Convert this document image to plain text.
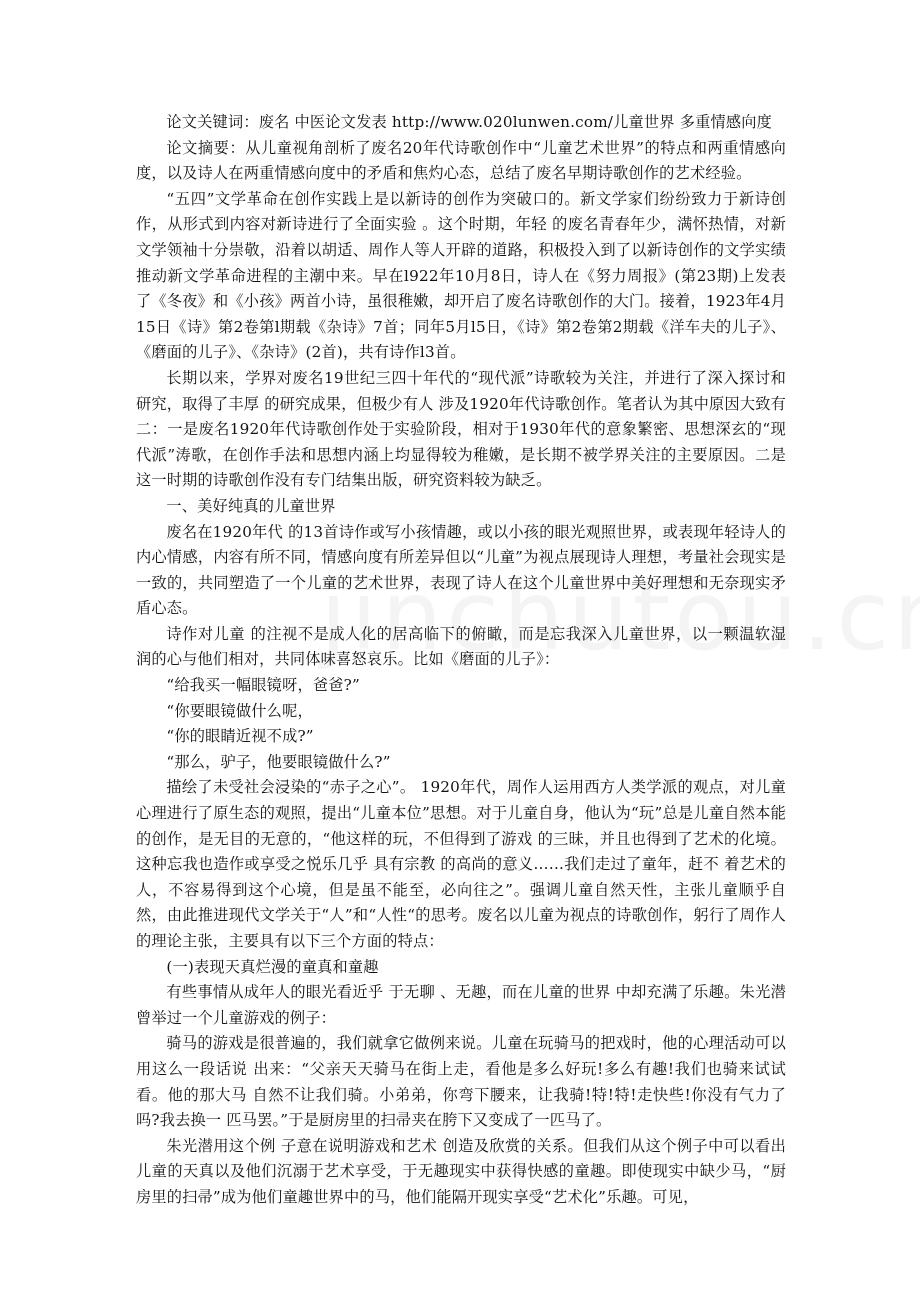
论文关键词：废名 中医论文发表 http://www.020lunwen.com/儿童世界 多重情感向度

论文摘要：从儿童视角剖析了废名20年代诗歌创作中“儿童艺术世界”的特点和两重情感向度，以及诗人在两重情感向度中的矛盾和焦灼心态，总结了废名早期诗歌创作的艺术经验。

“五四”文学革命在创作实践上是以新诗的创作为突破口的。新文学家们纷纷致力于新诗创作，从形式到内容对新诗进行了全面实验 。这个时期，年轻 的废名青春年少，满怀热情，对新文学领袖十分崇敬，沿着以胡适、周作人等人开辟的道路，积极投入到了以新诗创作的文学实绩推动新文学革命进程的主潮中来。早在l922年10月8日，诗人在《努力周报》(第23期)上发表了《冬夜》和《小孩》两首小诗，虽很稚嫩，却开启了废名诗歌创作的大门。接着，1923年4月15日《诗》第2卷第l期载《杂诗》7首；同年5月l5日，《诗》第2卷第2期载《洋车夫的儿子》、《磨面的儿子》、《杂诗》(2首)，共有诗作l3首。

长期以来，学界对废名19世纪三四十年代的“现代派”诗歌较为关注，并进行了深入探讨和研究，取得了丰厚 的研究成果，但极少有人 涉及1920年代诗歌创作。笔者认为其中原因大致有二：一是废名1920年代诗歌创作处于实验阶段，相对于1930年代的意象繁密、思想深玄的“现代派”涛歌，在创作手法和思想内涵上均显得较为稚嫩，是长期不被学界关注的主要原因。二是这一时期的诗歌创作没有专门结集出版，研究资料较为缺乏。

一、美好纯真的儿童世界

废名在1920年代 的13首诗作或写小孩情趣，或以小孩的眼光观照世界，或表现年轻诗人的内心情感，内容有所不同，情感向度有所差异但以“儿童”为视点展现诗人理想，考量社会现实是一致的，共同塑造了一个儿童的艺术世界，表现了诗人在这个儿童世界中美好理想和无奈现实矛盾心态。

诗作对儿童 的注视不是成人化的居高临下的俯瞰，而是忘我深入儿童世界，以一颗温软湿润的心与他们相对，共同体味喜怒哀乐。比如《磨面的儿子》：

“给我买一幅眼镜呀，爸爸?”

“你要眼镜做什么呢，

“你的眼睛近视不成?”

“那么，驴子，他要眼镜做什么?”

描绘了未受社会浸染的“赤子之心”。 1920年代，周作人运用西方人类学派的观点，对儿童心理进行了原生态的观照，提出“儿童本位”思想。对于儿童自身，他认为“玩”总是儿童自然本能的创作，是无目的无意的，“他这样的玩，不但得到了游戏 的三昧，并且也得到了艺术的化境。这种忘我也造作或享受之悦乐几乎 具有宗教 的高尚的意义……我们走过了童年，赶不 着艺术的人，不容易得到这个心境，但是虽不能至，必向往之”。强调儿童自然天性，主张儿童顺乎自然，由此推进现代文学关于“人”和“人性“的思考。废名以儿童为视点的诗歌创作，躬行了周作人的理论主张，主要具有以下三个方面的特点：

(一)表现天真烂漫的童真和童趣

有些事情从成年人的眼光看近乎 于无聊 、无趣，而在儿童的世界 中却充满了乐趣。朱光潜曾举过一个儿童游戏的例子：

骑马的游戏是很普遍的，我们就拿它做例来说。儿童在玩骑马的把戏时，他的心理活动可以用这么一段话说 出来：“父亲天天骑马在街上走，看他是多么好玩!多么有趣!我们也骑来试试看。他的那大马 自然不让我们骑。小弟弟，你弯下腰来，让我骑!特!特!走快些!你没有气力了吗?我去换一 匹马罢。”于是厨房里的扫帚夹在胯下又变成了一匹马了。

朱光潜用这个例 子意在说明游戏和艺术 创造及欣赏的关系。但我们从这个例子中可以看出儿童的天真以及他们沉溺于艺术享受，于无趣现实中获得快感的童趣。即使现实中缺少马，“厨房里的扫帚”成为他们童趣世界中的马，他们能隔开现实享受“艺术化”乐趣。可见，
